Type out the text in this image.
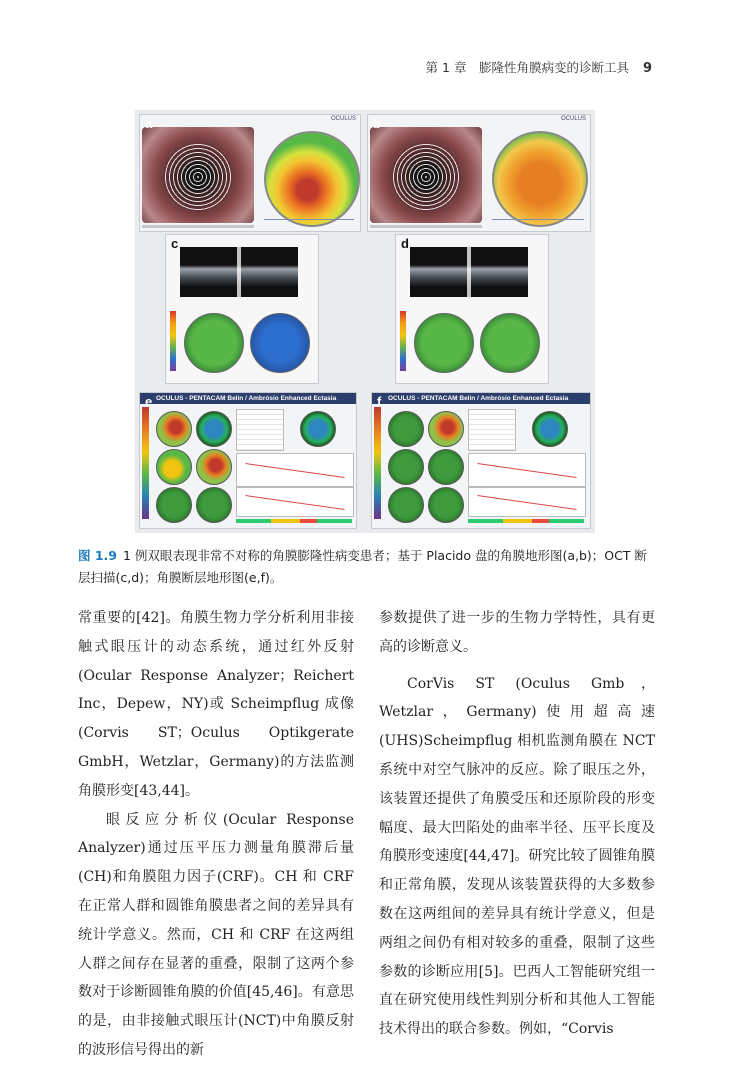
第 1 章　膨隆性角膜病变的诊断工具 9
a	OCULUS b	OCULUS
c	d
e OCULUS - PENTACAM Belin / Ambrósio Enhanced Ectasia	f	OCULUS - PENTACAM Belin / Ambrósio Enhanced Ectasia
图 1.9 1 例双眼表现非常不对称的角膜膨隆性病变患者；基于 Placido 盘的角膜地形图(a,b)；OCT 断层扫描(c,d)；角膜断层地形图(e,f)。

常重要的[42]。角膜生物力学分析利用非接触式眼压计的动态系统，通过红外反射(Ocular Response Analyzer；Reichert Inc，Depew，NY)或 Scheimpflug 成像(Corvis ST；Oculus Optikgerate GmbH，Wetzlar，Germany)的方法监测角膜形变[43,44]。

眼反应分析仪(Ocular Response Analyzer)通过压平压力测量角膜滞后量(CH)和角膜阻力因子(CRF)。CH 和 CRF 在正常人群和圆锥角膜患者之间的差异具有统计学意义。然而，CH 和 CRF 在这两组人群之间存在显著的重叠，限制了这两个参数对于诊断圆锥角膜的价值[45,46]。有意思的是，由非接触式眼压计(NCT)中角膜反射的波形信号得出的新

参数提供了进一步的生物力学特性，具有更高的诊断意义。

CorVis ST (Oculus Gmb，Wetzlar，Germany)使用超高速(UHS)Scheimpflug 相机监测角膜在 NCT 系统中对空气脉冲的反应。除了眼压之外，该装置还提供了角膜受压和还原阶段的形变幅度、最大凹陷处的曲率半径、压平长度及角膜形变速度[44,47]。研究比较了圆锥角膜和正常角膜，发现从该装置获得的大多数参数在这两组间的差异具有统计学意义，但是两组之间仍有相对较多的重叠，限制了这些参数的诊断应用[5]。巴西人工智能研究组一直在研究使用线性判别分析和其他人工智能技术得出的联合参数。例如，“Corvis
